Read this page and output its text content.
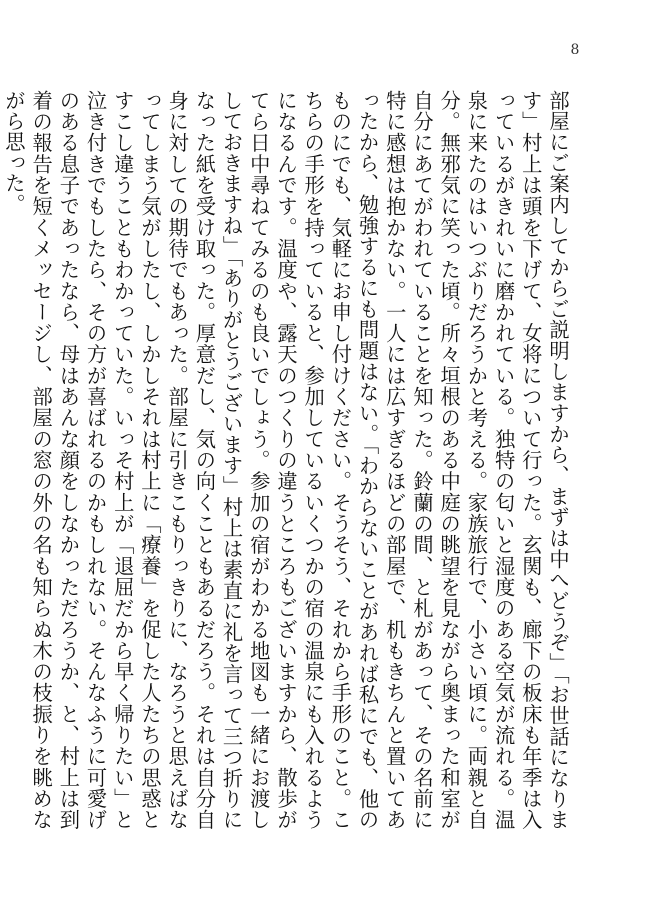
8

部屋にご案内してからご説明しますから、まずは中へどうぞ」「お世話になります」村上は頭を下げて、女将について行った。玄関も、廊下の板床も年季は入っているがきれいに磨かれている。独特の匂いと湿度のある空気が流れる。温泉に来たのはいつぶりだろうかと考える。家族旅行で、小さい頃に。両親と自分。無邪気に笑った頃。所々垣根のある中庭の眺望を見ながら奥まった和室が自分にあてがわれていることを知った。鈴蘭の間、と札があって、その名前に特に感想は抱かない。一人には広すぎるほどの部屋で、机もきちんと置いてあったから、勉強するにも問題はない。「わからないことがあれば私にでも、他のものにでも、気軽にお申し付けください。そうそう、それから手形のこと。こちらの手形を持っていると、参加しているいくつかの宿の温泉にも入れるようになるんです。温度や、露天のつくりの違うところもございますから、散歩がてら日中尋ねてみるのも良いでしょう。参加の宿がわかる地図も一緒にお渡ししておきますね」「ありがとうございます」村上は素直に礼を言って三つ折りになった紙を受け取った。厚意だし、気の向くこともあるだろう。それは自分自身に対しての期待でもあった。部屋に引きこもりっきりに、なろうと思えばなってしまう気がしたし、しかしそれは村上に「療養」を促した人たちの思惑とすこし違うこともわかっていた。いっそ村上が「退屈だから早く帰りたい」と泣き付きでもしたら、その方が喜ばれるのかもしれない。そんなふうに可愛げのある息子であったなら、母はあんな顔をしなかっただろうか、と、村上は到着の報告を短くメッセージし、部屋の窓の外の名も知らぬ木の枝振りを眺めながら思った。
